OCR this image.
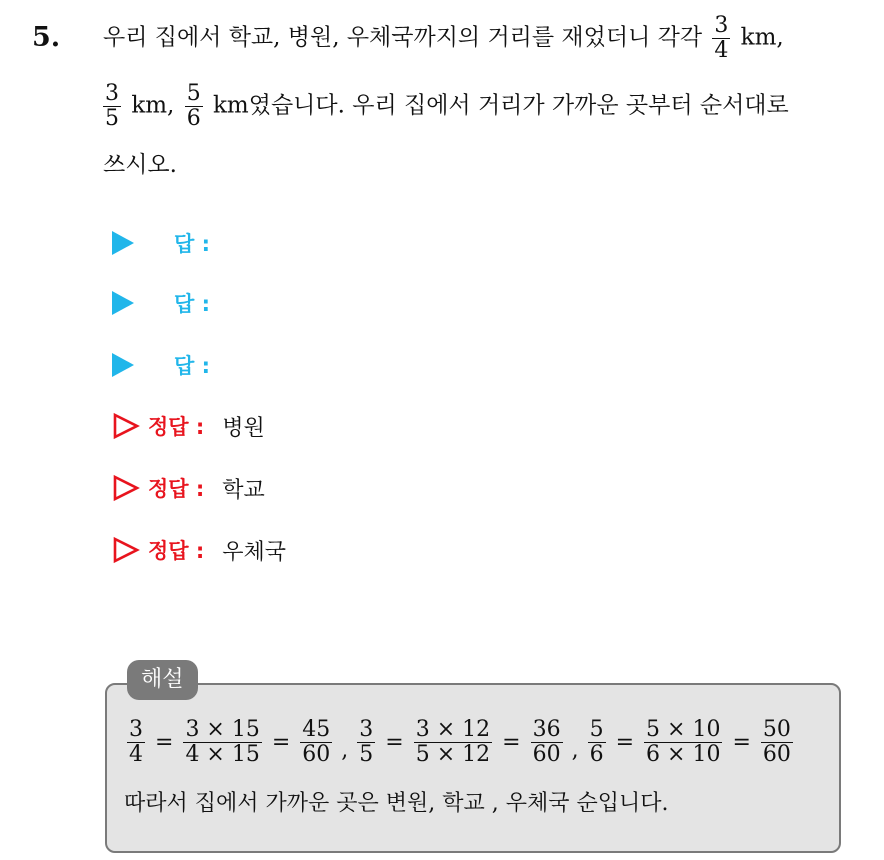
5. 우리 집에서 학교, 병원, 우체국까지의 거리를 재었더니 각각 $\frac{3}{4}$ km,
$\frac{3}{5}$ km, $\frac{5}{6}$ km였습니다. 우리 집에서 거리가 가까운 곳부터 순서대로
쓰시오.
답 :
답 :
답 :
정답 : 병원
정답 : 학교
정답 : 우체국
해설
$\frac{3}{4} = \frac{3 \times 15}{4 \times 15} = \frac{45}{60}$ , $\frac{3}{5} = \frac{3 \times 12}{5 \times 12} = \frac{36}{60}$ , $\frac{5}{6} = \frac{5 \times 10}{6 \times 10} = \frac{50}{60}$
따라서 집에서 가까운 곳은 변원, 학교 , 우체국 순입니다.
